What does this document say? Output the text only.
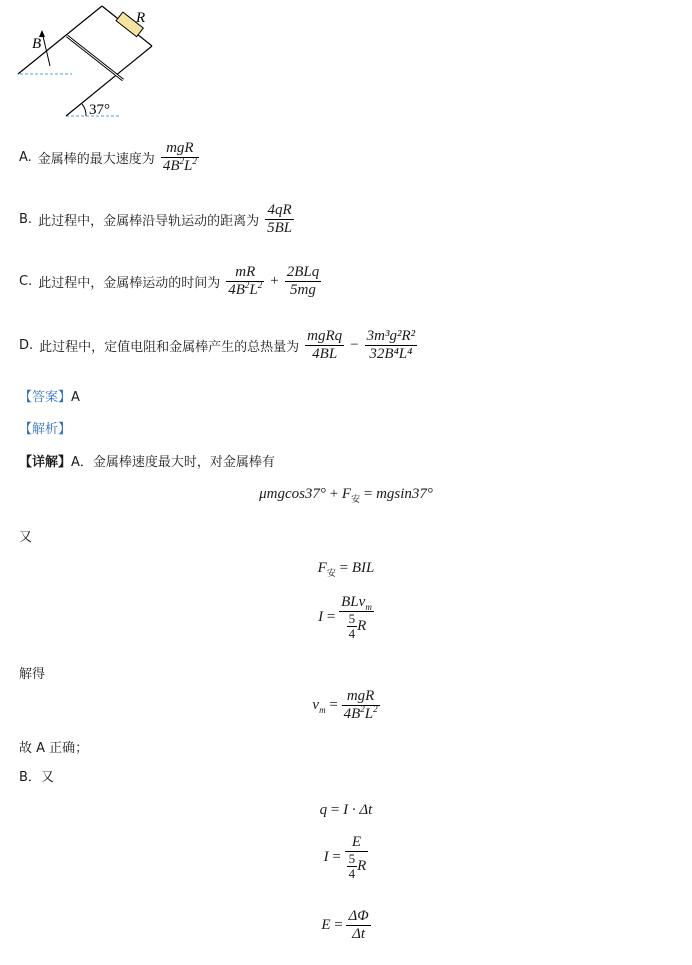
B
R
37°
A. 金属棒的最大速度为 $\frac{\text{mgR}}{4B^2L^2}$
B. 此过程中，金属棒沿导轨运动的距离为 $\frac{4qR}{5BL}$
C. 此过程中，金属棒运动的时间为 $\frac{mR}{4B^2L^2} + \frac{\text{2BLq}}{5mg}$
D. 此过程中，定值电阻和金属棒产生的总热量为 $\frac{\text{mgRq}}{4BL} - \frac{\text{3m³g²R²}}{\text{32B⁴L⁴}}$
【答案】A
【解析】
【详解】A．金属棒速度最大时，对金属棒有
$\mu mgcos37^\circ + F_安 = mgsin37^\circ$
又
$F_安$ = BIL
$I = \frac{BLv_m}{\frac{5}{4} R}$
解得
$v_m = \frac{\text{mgR}}{4B^2L^2}$
故 A 正确；
B．又
q = I · Δt
$I = \frac{E}{\frac{5}{4} R}$
$E = \frac{\Delta\Phi}{\Delta t}$
